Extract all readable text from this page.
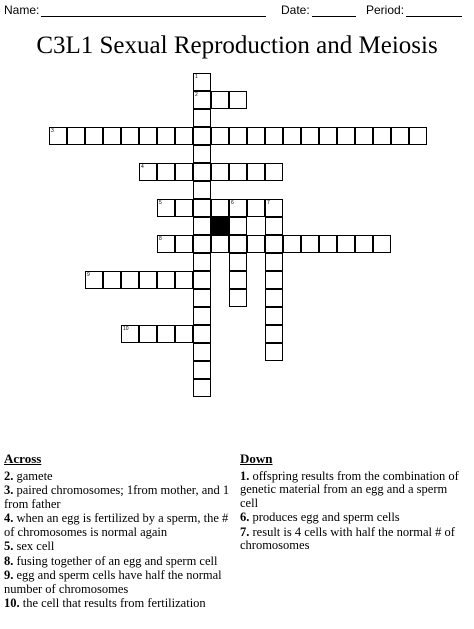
Name:	Date:	Period:
C3L1 Sexual Reproduction and Meiosis
1
2
3
4
5	6	7
8
9
10
Across
2. gamete
3. paired chromosomes; 1from mother, and 1 from father
4. when an egg is fertilized by a sperm, the # of chromosomes is normal again
5. sex cell
8. fusing together of an egg and sperm cell
9. egg and sperm cells have half the normal number of chromosomes
10. the cell that results from fertilization
Down
1. offspring results from the combination of genetic material from an egg and a sperm cell
6. produces egg and sperm cells
7. result is 4 cells with half the normal # of chromosomes
